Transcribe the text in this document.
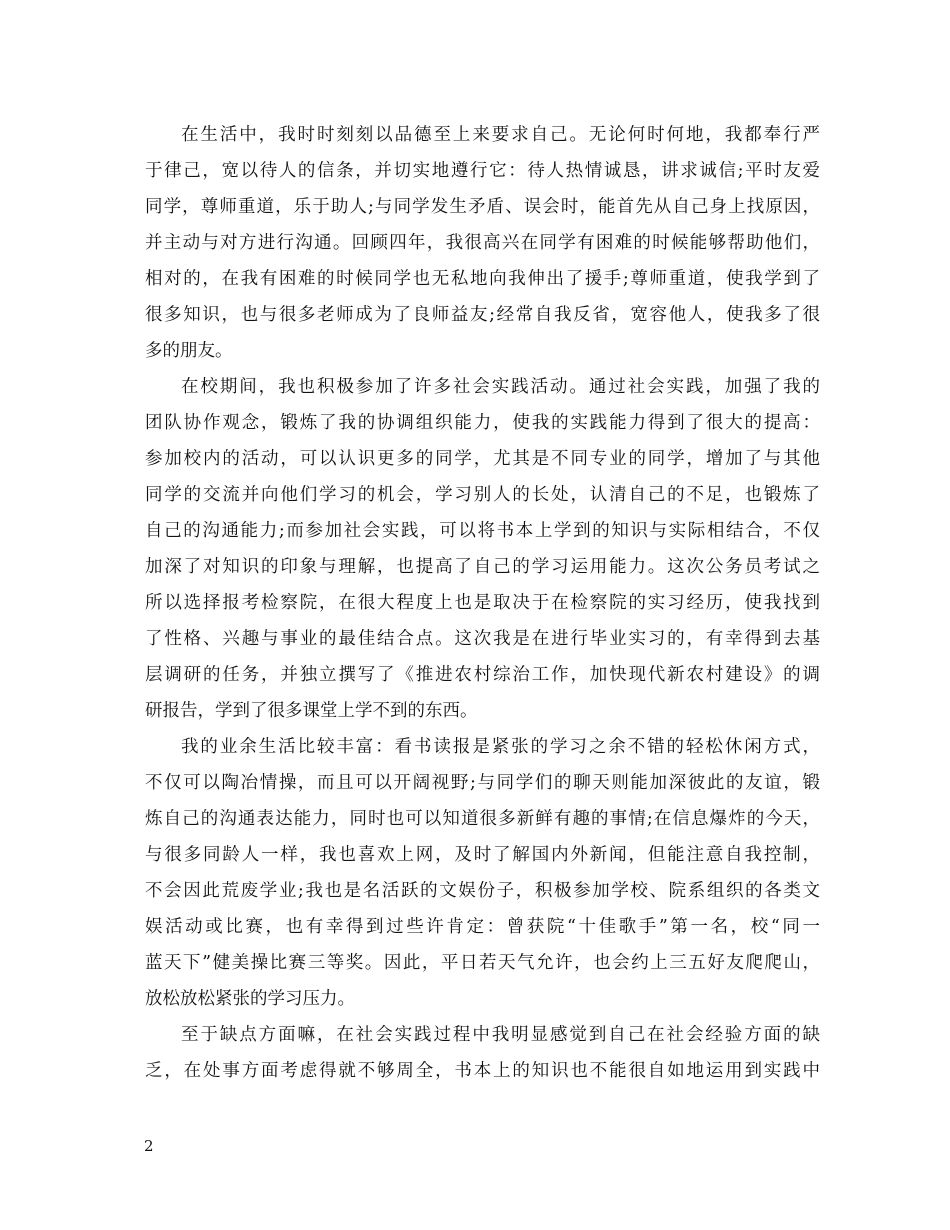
在生活中，我时时刻刻以品德至上来要求自己。无论何时何地，我都奉行严
于律己，宽以待人的信条，并切实地遵行它：待人热情诚恳，讲求诚信;平时友爱
同学，尊师重道，乐于助人;与同学发生矛盾、误会时，能首先从自己身上找原因，
并主动与对方进行沟通。回顾四年，我很高兴在同学有困难的时候能够帮助他们，
相对的，在我有困难的时候同学也无私地向我伸出了援手;尊师重道，使我学到了
很多知识，也与很多老师成为了良师益友;经常自我反省，宽容他人，使我多了很
多的朋友。
在校期间，我也积极参加了许多社会实践活动。通过社会实践，加强了我的
团队协作观念，锻炼了我的协调组织能力，使我的实践能力得到了很大的提高：
参加校内的活动，可以认识更多的同学，尤其是不同专业的同学，增加了与其他
同学的交流并向他们学习的机会，学习别人的长处，认清自己的不足，也锻炼了
自己的沟通能力;而参加社会实践，可以将书本上学到的知识与实际相结合，不仅
加深了对知识的印象与理解，也提高了自己的学习运用能力。这次公务员考试之
所以选择报考检察院，在很大程度上也是取决于在检察院的实习经历，使我找到
了性格、兴趣与事业的最佳结合点。这次我是在进行毕业实习的，有幸得到去基
层调研的任务，并独立撰写了《推进农村综治工作，加快现代新农村建设》的调
研报告，学到了很多课堂上学不到的东西。
我的业余生活比较丰富：看书读报是紧张的学习之余不错的轻松休闲方式，
不仅可以陶冶情操，而且可以开阔视野;与同学们的聊天则能加深彼此的友谊，锻
炼自己的沟通表达能力，同时也可以知道很多新鲜有趣的事情;在信息爆炸的今天，
与很多同龄人一样，我也喜欢上网，及时了解国内外新闻，但能注意自我控制，
不会因此荒废学业;我也是名活跃的文娱份子，积极参加学校、院系组织的各类文
娱活动或比赛，也有幸得到过些许肯定：曾获院“十佳歌手”第一名，校“同一
蓝天下”健美操比赛三等奖。因此，平日若天气允许，也会约上三五好友爬爬山，
放松放松紧张的学习压力。
至于缺点方面嘛，在社会实践过程中我明显感觉到自己在社会经验方面的缺
乏，在处事方面考虑得就不够周全，书本上的知识也不能很自如地运用到实践中
2
